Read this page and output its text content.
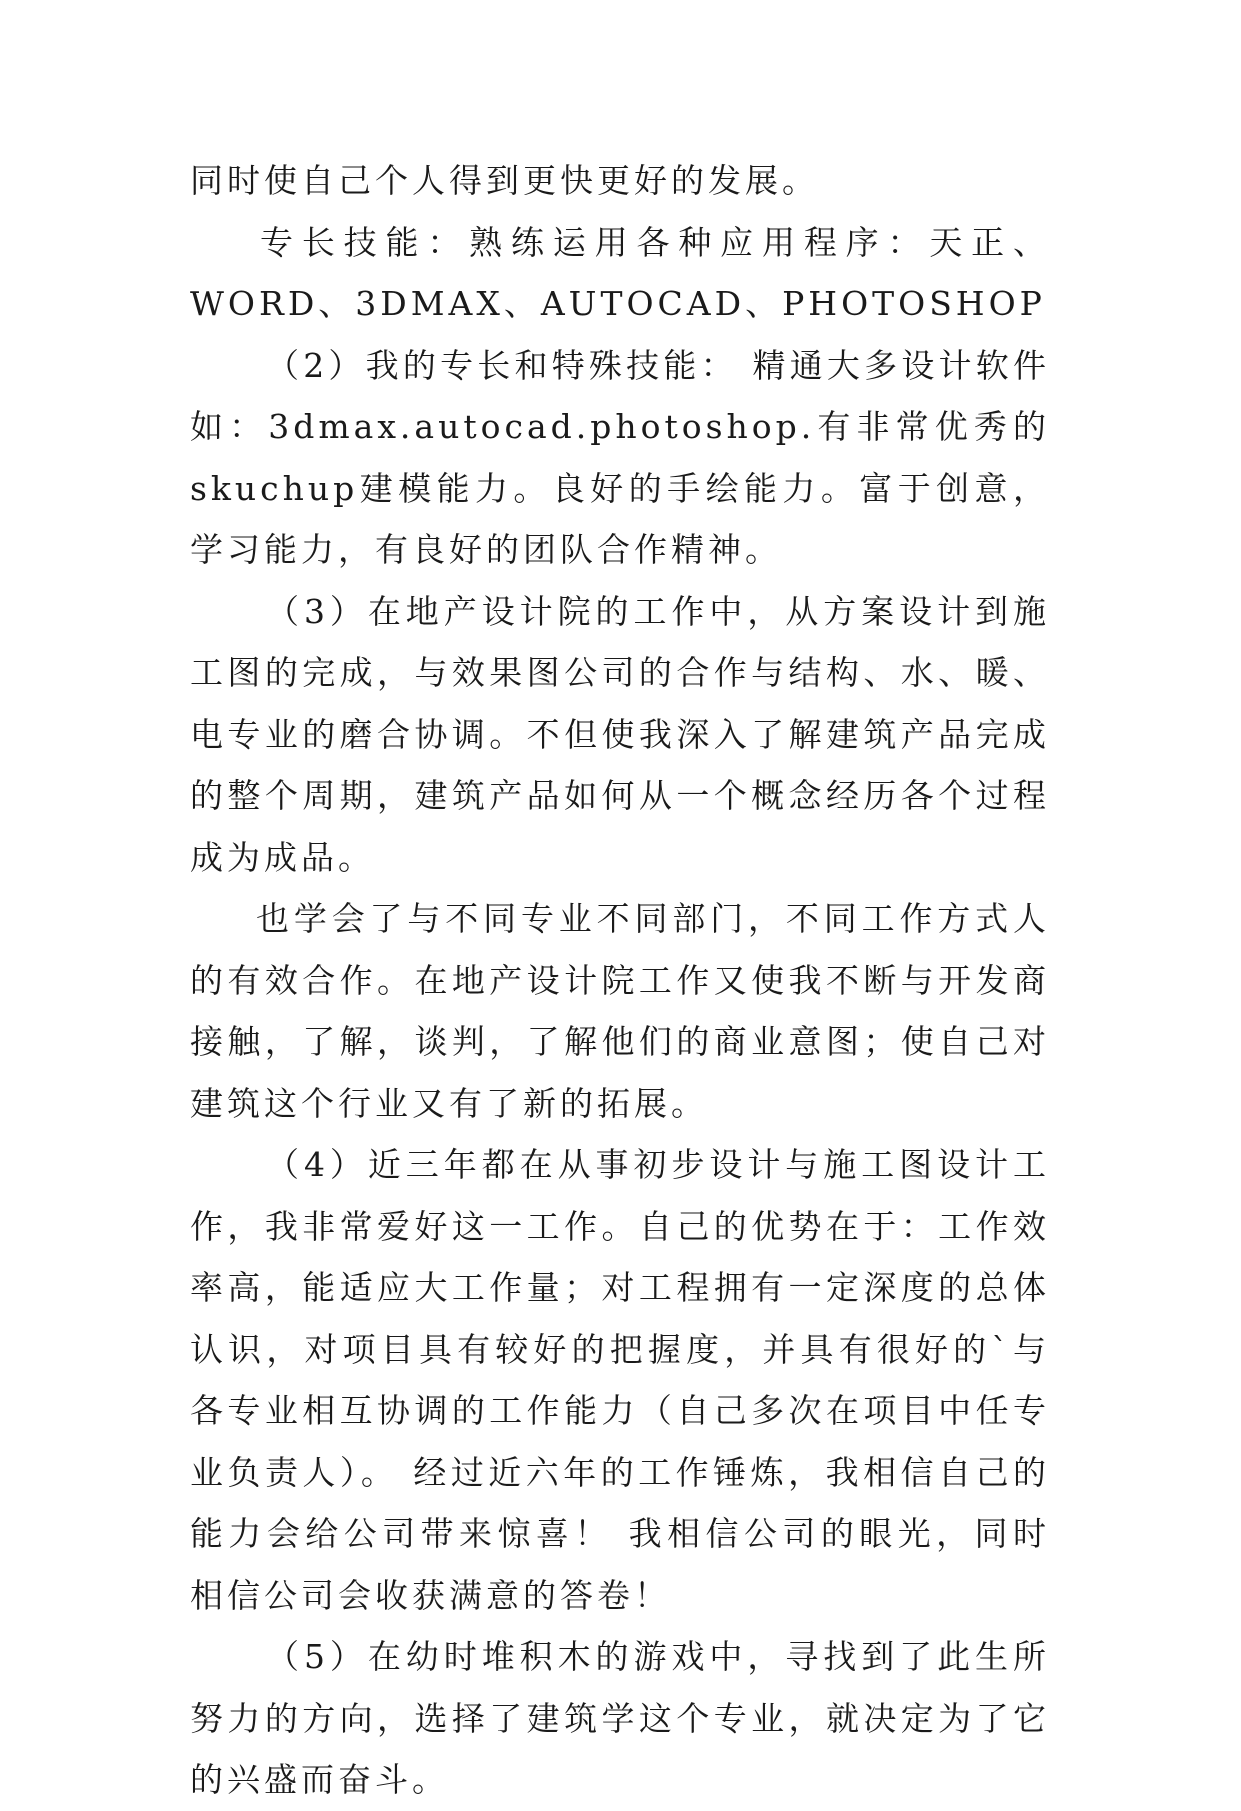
同时使自己个人得到更快更好的发展。

专长技能：熟练运用各种应用程序：天正、WORD、3DMAX、AUTOCAD、PHOTOSHOP

（2）我的专长和特殊技能： 精通大多设计软件如：3dmax.autocad.photoshop.有非常优秀的skuchup建模能力。良好的手绘能力。富于创意，学习能力，有良好的团队合作精神。

（3）在地产设计院的工作中，从方案设计到施工图的完成，与效果图公司的合作与结构、水、暖、电专业的磨合协调。不但使我深入了解建筑产品完成的整个周期，建筑产品如何从一个概念经历各个过程成为成品。

也学会了与不同专业不同部门，不同工作方式人的有效合作。在地产设计院工作又使我不断与开发商接触，了解，谈判，了解他们的商业意图；使自己对建筑这个行业又有了新的拓展。

（4）近三年都在从事初步设计与施工图设计工作，我非常爱好这一工作。自己的优势在于：工作效率高，能适应大工作量；对工程拥有一定深度的总体认识，对项目具有较好的把握度，并具有很好的`与各专业相互协调的工作能力（自己多次在项目中任专业负责人）。 经过近六年的工作锤炼，我相信自己的能力会给公司带来惊喜！ 我相信公司的眼光，同时相信公司会收获满意的答卷！

（5）在幼时堆积木的游戏中，寻找到了此生所努力的方向，选择了建筑学这个专业，就决定为了它的兴盛而奋斗。
